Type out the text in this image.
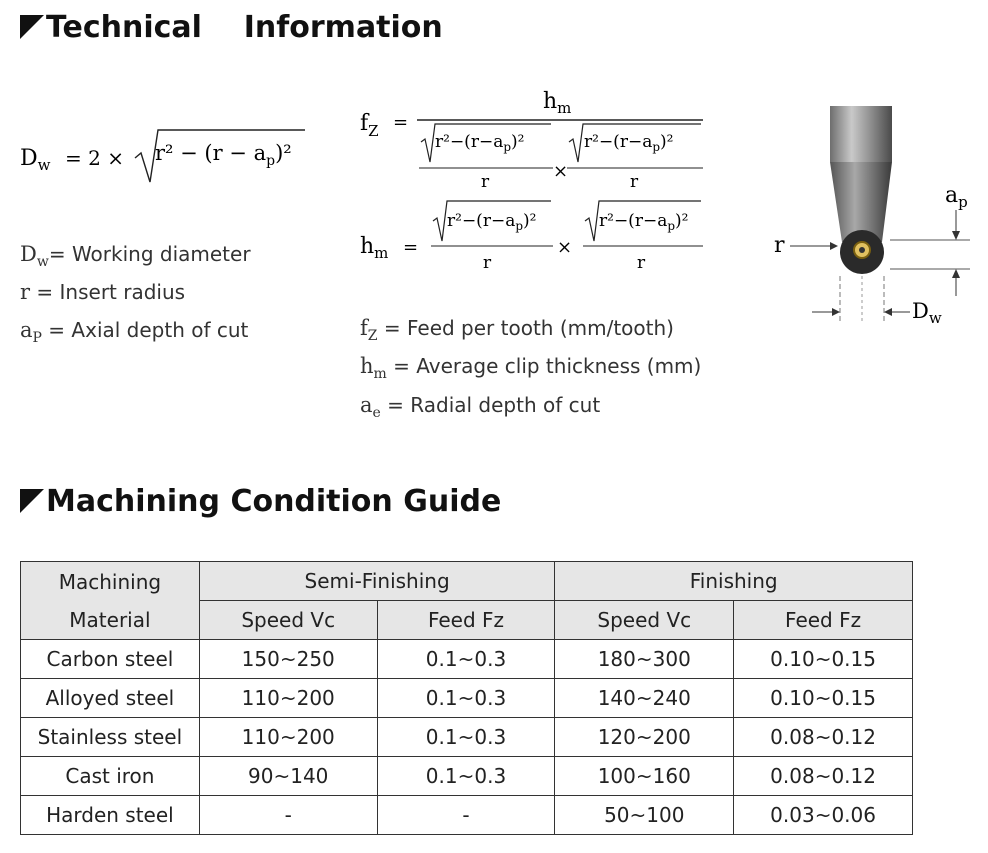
Technical Information
$D_w = 2 \times r^2 - (r - a_p)^2$
$f_Z$ =
$h_m$
$r^2-(r-a_p)^2$
r	×
$r^2-(r-a_p)^2$
r
$h_m$ =
$r^2-(r-a_p)^2$
r
×
$r^2-(r-a_p)^2$
r
$D_w=$ Working diameter
r = Insert radius
$a_P$ = Axial depth of cut	$f_Z$ = Feed per tooth (mm/tooth)
$h_m$ = Average clip thickness (mm)
$a_e$ = Radial depth of cut
$a_p$
r
$D_w$
Machining Condition Guide
Machining
Material	Semi-Finishing		Finishing	
	Speed Vc	Feed Fz	Speed Vc	Feed Fz
Carbon steel	150~250	0.1~0.3	180~300	0.10~0.15
Alloyed steel	110~200	0.1~0.3	140~240	0.10~0.15
Stainless steel	110~200	0.1~0.3	120~200	0.08~0.12
Cast iron	90~140	0.1~0.3	100~160	0.08~0.12
Harden steel	-	-	50~100	0.03~0.06
